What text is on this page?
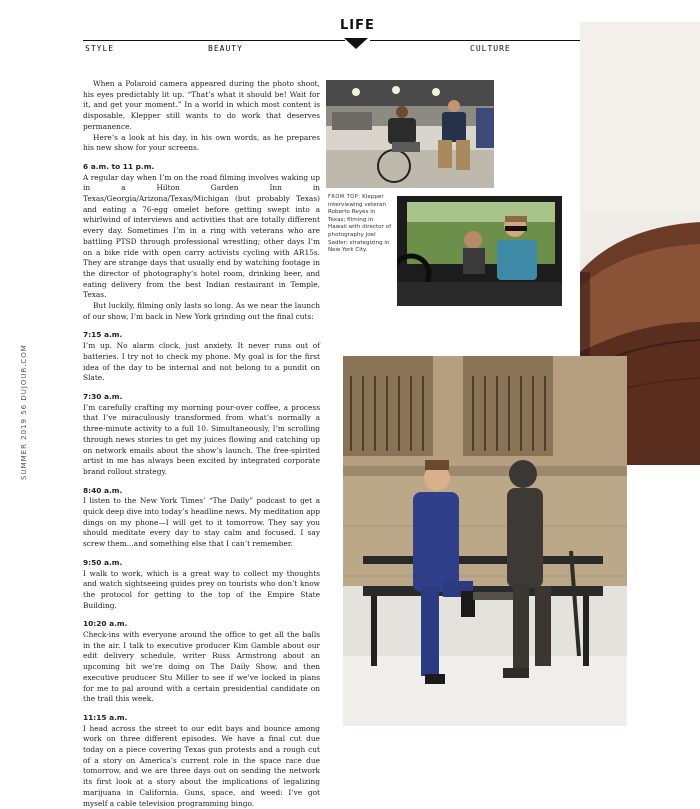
LIFE
STYLE	BEAUTY	CULTURE
SUMMER 2019 56 DUJOUR.COM
FROM TOP: Klepper interviewing veteran Roberto Reyes in Texas; filming in Hawaii with director of photography Joel Sadler; strategizing in New York City.

When a Polaroid camera appeared during the photo shoot, his eyes predictably lit up. “That’s what it should be! Wait for it, and get your moment.” In a world in which most content is disposable, Klepper still wants to do work that deserves permanence.

Here’s a look at his day, in his own words, as he prepares his new show for your screens.

6 a.m. to 11 p.m.

A regular day when I’m on the road filming involves waking up in a Hilton Garden Inn in Texas/Georgia/Arizona/Texas/Michigan (but probably Texas) and eating a 76-egg omelet before getting swept into a whirlwind of interviews and activities that are totally different every day. Sometimes I’m in a ring with veterans who are battling PTSD through professional wrestling; other days I’m on a bike ride with open carry activists cycling with AR15s. They are strange days that usually end by watching footage in the director of photography’s hotel room, drinking beer, and eating delivery from the best Indian restaurant in Temple, Texas.

But luckily, filming only lasts so long. As we near the launch of our show, I’m back in New York grinding out the final cuts:

7:15 a.m.

I’m up. No alarm clock, just anxiety. It never runs out of batteries. I try not to check my phone. My goal is for the first idea of the day to be internal and not belong to a pundit on Slate.

7:30 a.m.

I’m carefully crafting my morning pour-over coffee, a process that I’ve miraculously transformed from what’s normally a three-minute activity to a full 10. Simultaneously, I’m scrolling through news stories to get my juices flowing and catching up on network emails about the show’s launch. The free-spirited artist in me has always been excited by integrated corporate brand rollout strategy.

8:40 a.m.

I listen to the New York Times’ “The Daily” podcast to get a quick deep dive into today’s headline news. My meditation app dings on my phone—I will get to it tomorrow. They say you should meditate every day to stay calm and focused. I say screw them...and something else that I can’t remember.

9:50 a.m.

I walk to work, which is a great way to collect my thoughts and watch sightseeing guides prey on tourists who don’t know the protocol for getting to the top of the Empire State Building.

10:20 a.m.

Check-ins with everyone around the office to get all the balls in the air. I talk to executive producer Kim Gamble about our edit delivery schedule, writer Russ Armstrong about an upcoming bit we’re doing on The Daily Show, and then executive producer Stu Miller to see if we’ve locked in plans for me to pal around with a certain presidential candidate on the trail this week.

11:15 a.m.

I head across the street to our edit bays and bounce among work on three different episodes. We have a final cut due today on a piece covering Texas gun protests and a rough cut of a story on America’s current role in the space race due tomorrow, and we are three days out on sending the network its first look at a story about the implications of legalizing marijuana in California. Guns, space, and weed: I’ve got myself a cable television programming bingo.
